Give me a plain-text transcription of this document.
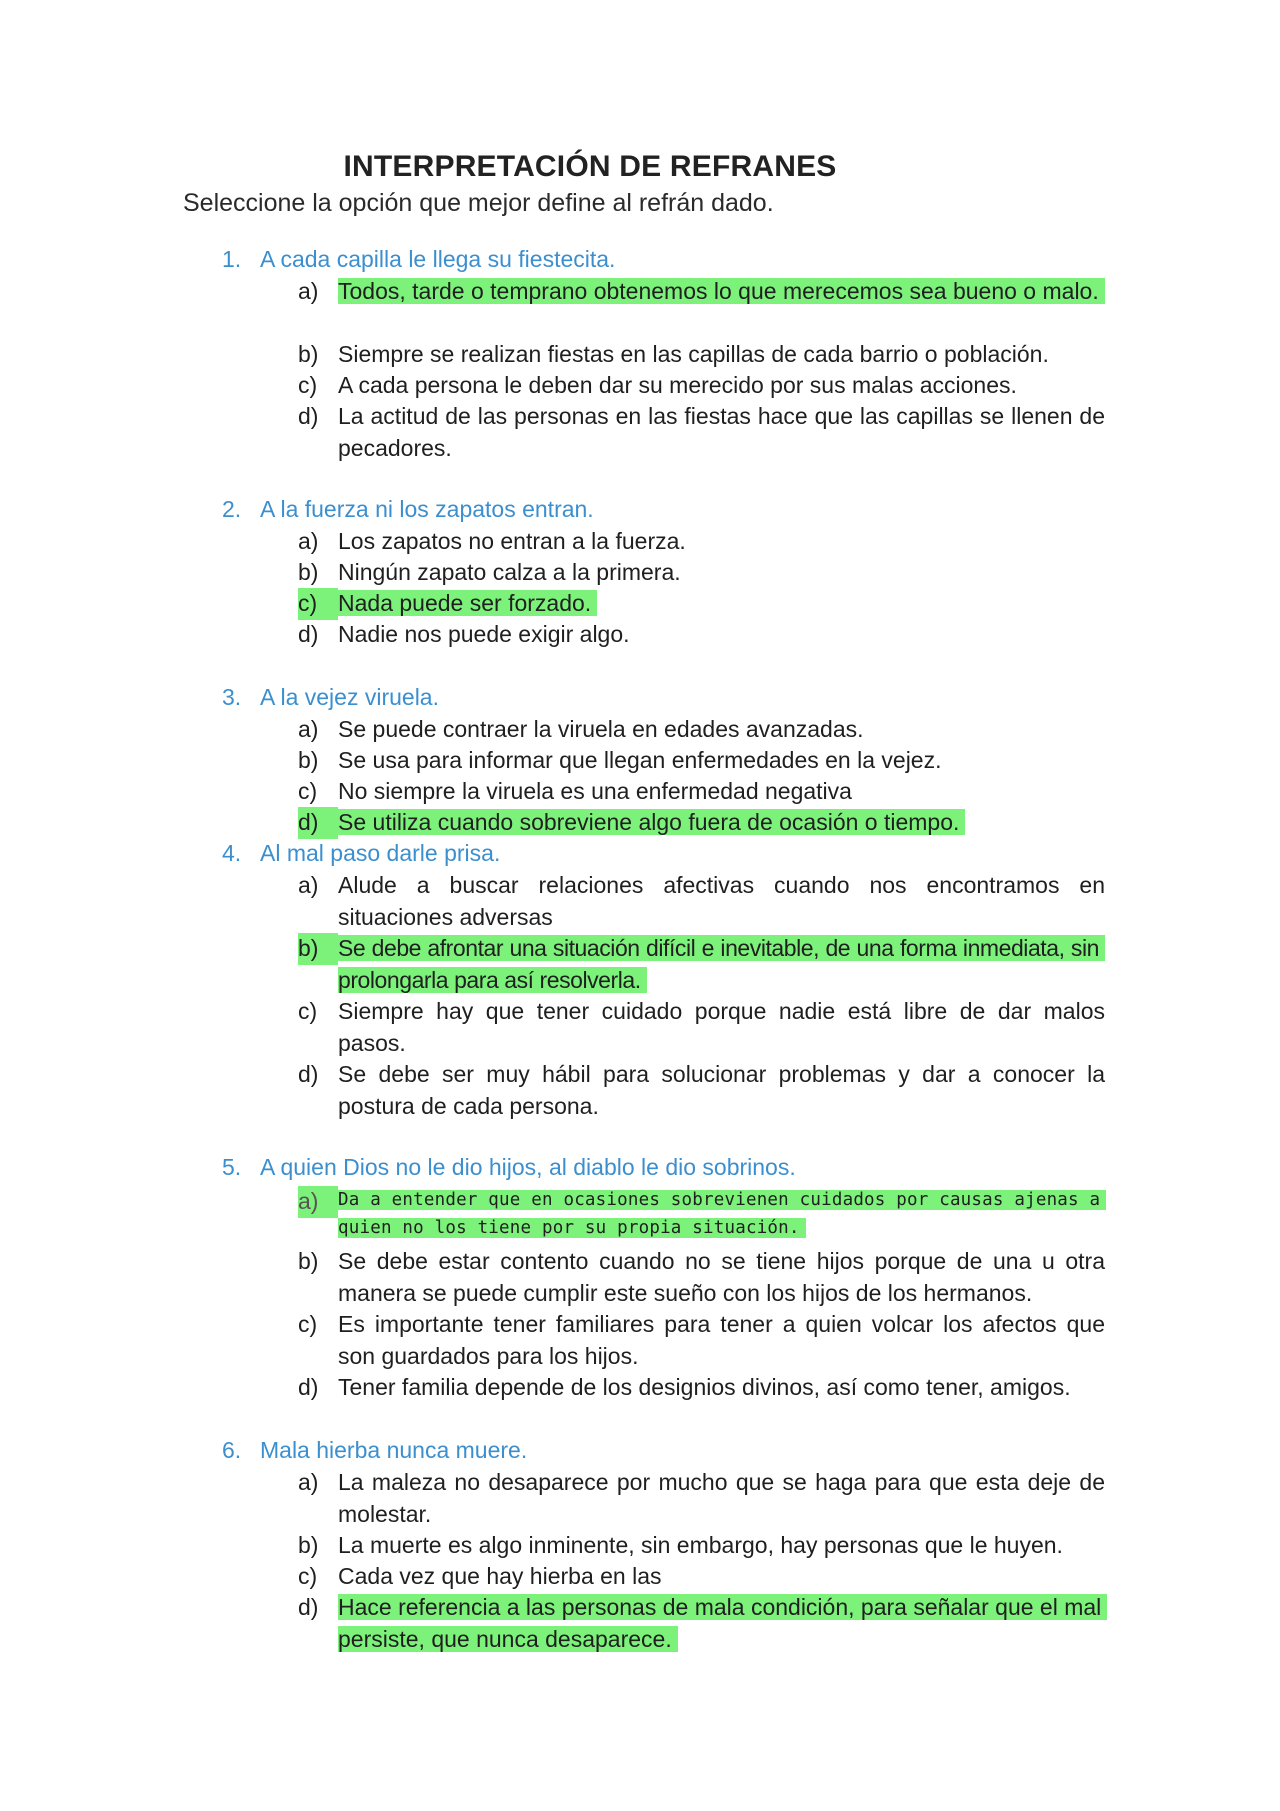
INTERPRETACIÓN DE REFRANES

Seleccione la opción que mejor define al refrán dado.

1. A cada capilla le llega su fiestecita.
a) Todos, tarde o temprano obtenemos lo que merecemos sea bueno o malo.
b) Siempre se realizan fiestas en las capillas de cada barrio o población.
c) A cada persona le deben dar su merecido por sus malas acciones.
d) La actitud de las personas en las fiestas hace que las capillas se llenen de pecadores.
2. A la fuerza ni los zapatos entran.
a) Los zapatos no entran a la fuerza.
b) Ningún zapato calza a la primera.
c) Nada puede ser forzado.
d) Nadie nos puede exigir algo.
3. A la vejez viruela.
a) Se puede contraer la viruela en edades avanzadas.
b) Se usa para informar que llegan enfermedades en la vejez.
c) No siempre la viruela es una enfermedad negativa
d) Se utiliza cuando sobreviene algo fuera de ocasión o tiempo.
4. Al mal paso darle prisa.
a) Alude a buscar relaciones afectivas cuando nos encontramos en situaciones adversas
b) Se debe afrontar una situación difícil e inevitable, de una forma inmediata, sin prolongarla para así resolverla.
c) Siempre hay que tener cuidado porque nadie está libre de dar malos pasos.
d) Se debe ser muy hábil para solucionar problemas y dar a conocer la postura de cada persona.
5. A quien Dios no le dio hijos, al diablo le dio sobrinos.
a)	Da a entender que en ocasiones sobrevienen cuidados por causas ajenas a quien no los tiene por su propia situación.
b) Se debe estar contento cuando no se tiene hijos porque de una u otra manera se puede cumplir este sueño con los hijos de los hermanos.
c) Es importante tener familiares para tener a quien volcar los afectos que son guardados para los hijos.
d) Tener familia depende de los designios divinos, así como tener, amigos.
6. Mala hierba nunca muere.
a) La maleza no desaparece por mucho que se haga para que esta deje de molestar.
b) La muerte es algo inminente, sin embargo, hay personas que le huyen.
c) Cada vez que hay hierba en las
d) Hace referencia a las personas de mala condición, para señalar que el mal persiste, que nunca desaparece.
